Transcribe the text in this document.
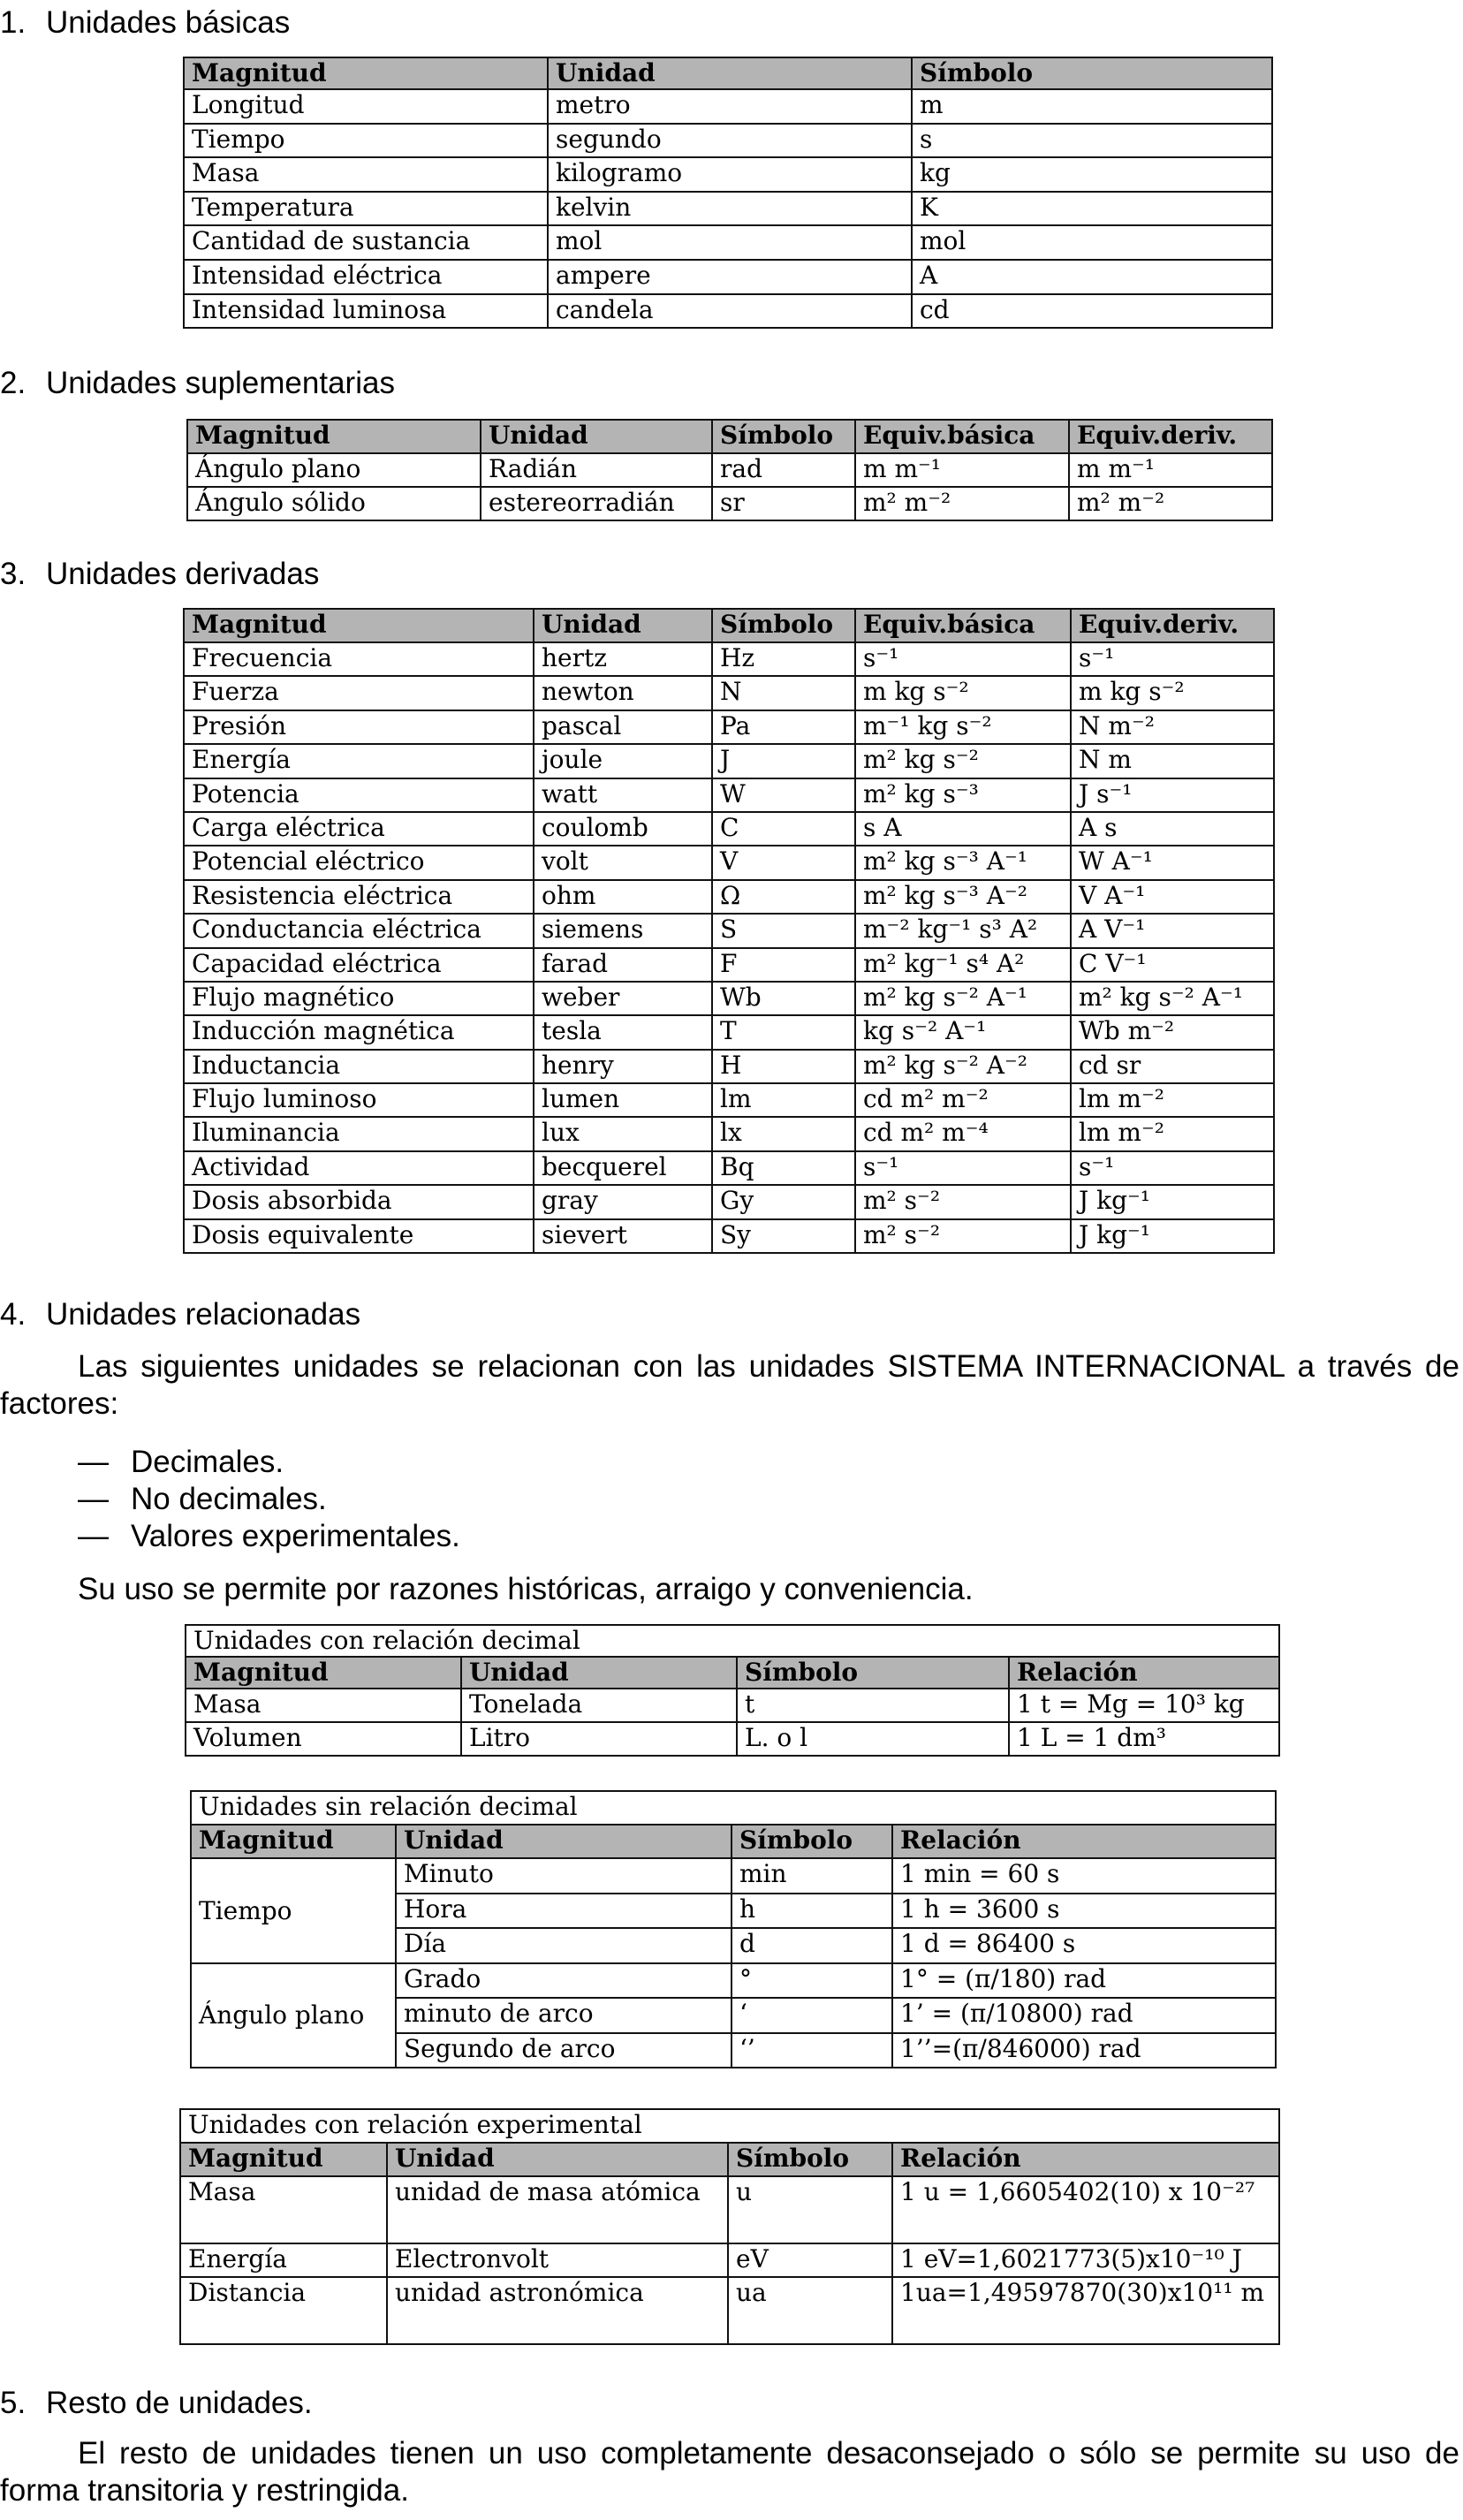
1. Unidades básicas
Magnitud	Unidad	Símbolo
Longitud	metro	m
Tiempo	segundo	s
Masa	kilogramo	kg
Temperatura	kelvin	K
Cantidad de sustancia	mol	mol
Intensidad eléctrica	ampere	A
Intensidad luminosa	candela	cd
2. Unidades suplementarias
Magnitud	Unidad	Símbolo	Equiv.básica	Equiv.deriv.
Ángulo plano	Radián	rad	m m⁻¹	m m⁻¹
Ángulo sólido	estereorradián	sr	m² m⁻²	m² m⁻²
3. Unidades derivadas
Magnitud	Unidad	Símbolo	Equiv.básica	Equiv.deriv.
Frecuencia	hertz	Hz	s⁻¹	s⁻¹
Fuerza	newton	N	m kg s⁻²	m kg s⁻²
Presión	pascal	Pa	m⁻¹ kg s⁻²	N m⁻²
Energía	joule	J	m² kg s⁻²	N m
Potencia	watt	W	m² kg s⁻³	J s⁻¹
Carga eléctrica	coulomb	C	s A	A s
Potencial eléctrico	volt	V	m² kg s⁻³ A⁻¹	W A⁻¹
Resistencia eléctrica	ohm	Ω	m² kg s⁻³ A⁻²	V A⁻¹
Conductancia eléctrica	siemens	S	m⁻² kg⁻¹ s³ A²	A V⁻¹
Capacidad eléctrica	farad	F	m² kg⁻¹ s⁴ A²	C V⁻¹
Flujo magnético	weber	Wb	m² kg s⁻² A⁻¹	m² kg s⁻² A⁻¹
Inducción magnética	tesla	T	kg s⁻² A⁻¹	Wb m⁻²
Inductancia	henry	H	m² kg s⁻² A⁻²	cd sr
Flujo luminoso	lumen	lm	cd m² m⁻²	lm m⁻²
Iluminancia	lux	lx	cd m² m⁻⁴	lm m⁻²
Actividad	becquerel	Bq	s⁻¹	s⁻¹
Dosis absorbida	gray	Gy	m² s⁻²	J kg⁻¹
Dosis equivalente	sievert	Sy	m² s⁻²	J kg⁻¹
4. Unidades relacionadas

Las siguientes unidades se relacionan con las unidades SISTEMA INTERNACIONAL a través de factores:

— Decimales.
— No decimales.
— Valores experimentales.

Su uso se permite por razones históricas, arraigo y conveniencia.

Unidades con relación decimal			
Magnitud	Unidad	Símbolo	Relación
Masa	Tonelada	t	1 t = Mg = 10³ kg
Volumen	Litro	L. o l	1 L = 1 dm³
Unidades sin relación decimal			
Magnitud	Unidad	Símbolo	Relación
Tiempo	Minuto	min	1 min = 60 s
	Hora	h	1 h = 3600 s
	Día	d	1 d = 86400 s
Ángulo plano	Grado	°	1° = (π/180) rad
	minuto de arco	‘	1’ = (π/10800) rad
	Segundo de arco	‘’	1’’=(π/846000) rad
Unidades con relación experimental			
Magnitud	Unidad	Símbolo	Relación
Masa	unidad de masa atómica	u	1 u = 1,6605402(10) x 10⁻²⁷
Energía	Electronvolt	eV	1 eV=1,6021773(5)x10⁻¹⁰ J
Distancia	unidad astronómica	ua	1ua=1,49597870(30)x10¹¹ m
5. Resto de unidades.

El resto de unidades tienen un uso completamente desaconsejado o sólo se permite su uso de forma transitoria y restringida.
